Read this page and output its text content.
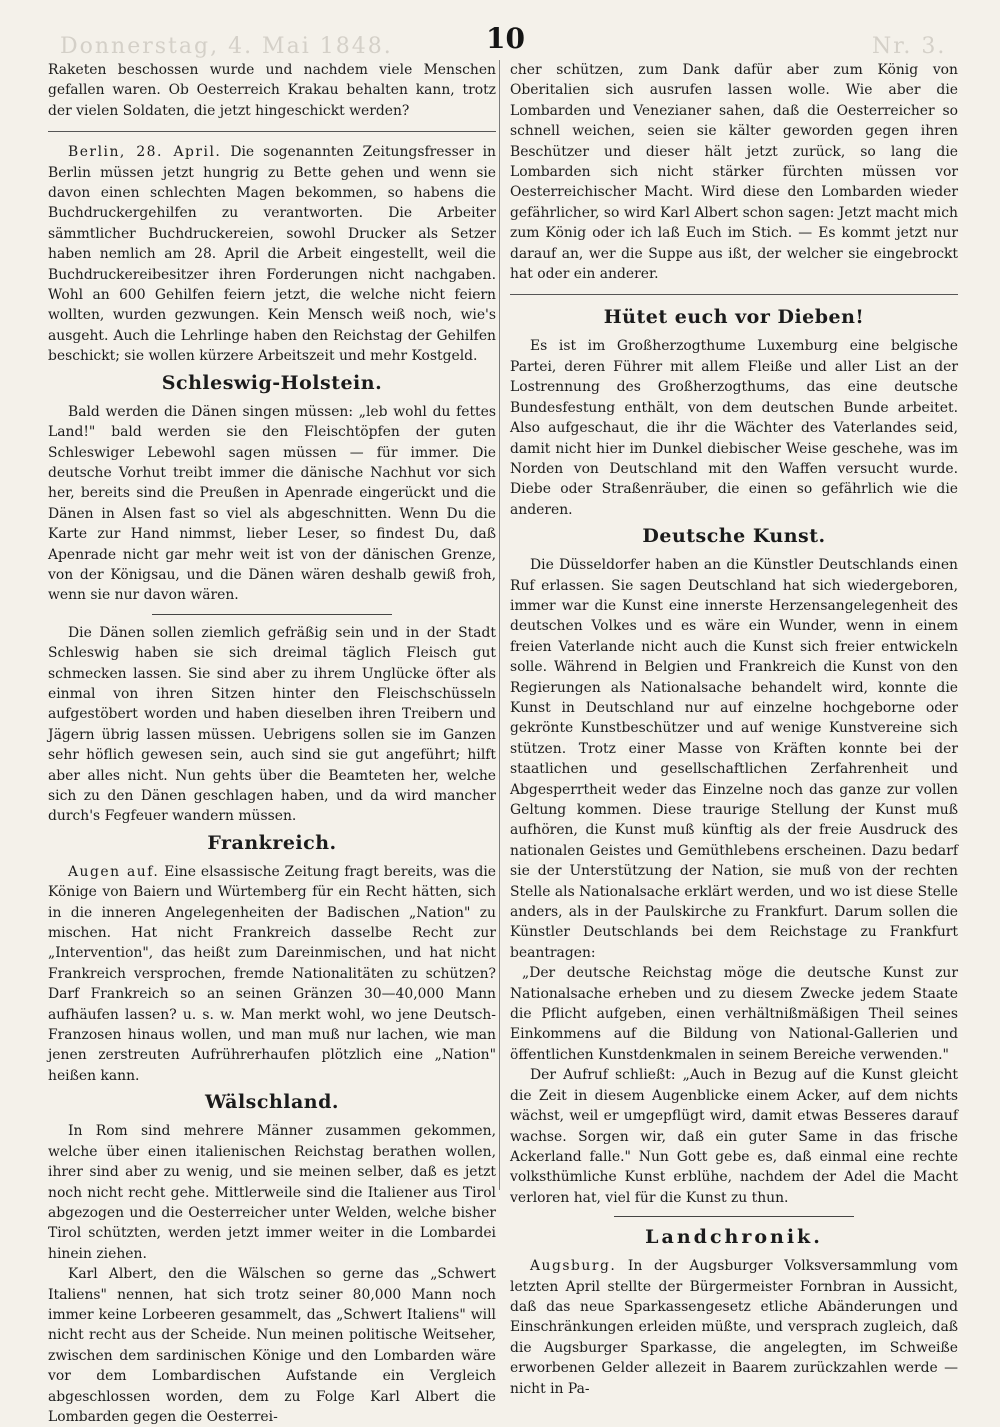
Donnerstag, 4. Mai 1848.	10	Nr. 3.

Raketen beschossen wurde und nachdem viele Menschen gefallen waren. Ob Oesterreich Krakau behalten kann, trotz der vielen Soldaten, die jetzt hingeschickt werden?

Berlin, 28. April. Die sogenannten Zeitungsfresser in Berlin müssen jetzt hungrig zu Bette gehen und wenn sie davon einen schlechten Magen bekommen, so habens die Buchdruckergehilfen zu verantworten. Die Arbeiter sämmtlicher Buchdruckereien, sowohl Drucker als Setzer haben nemlich am 28. April die Arbeit eingestellt, weil die Buchdruckereibesitzer ihren Forderungen nicht nachgaben. Wohl an 600 Gehilfen feiern jetzt, die welche nicht feiern wollten, wurden gezwungen. Kein Mensch weiß noch, wie's ausgeht. Auch die Lehrlinge haben den Reichstag der Gehilfen beschickt; sie wollen kürzere Arbeitszeit und mehr Kostgeld.

Schleswig-Holstein.

Bald werden die Dänen singen müssen: „leb wohl du fettes Land!" bald werden sie den Fleischtöpfen der guten Schleswiger Lebewohl sagen müssen — für immer. Die deutsche Vorhut treibt immer die dänische Nachhut vor sich her, bereits sind die Preußen in Apenrade eingerückt und die Dänen in Alsen fast so viel als abgeschnitten. Wenn Du die Karte zur Hand nimmst, lieber Leser, so findest Du, daß Apenrade nicht gar mehr weit ist von der dänischen Grenze, von der Königsau, und die Dänen wären deshalb gewiß froh, wenn sie nur davon wären.

Die Dänen sollen ziemlich gefräßig sein und in der Stadt Schleswig haben sie sich dreimal täglich Fleisch gut schmecken lassen. Sie sind aber zu ihrem Unglücke öfter als einmal von ihren Sitzen hinter den Fleischschüsseln aufgestöbert worden und haben dieselben ihren Treibern und Jägern übrig lassen müssen. Uebrigens sollen sie im Ganzen sehr höflich gewesen sein, auch sind sie gut angeführt; hilft aber alles nicht. Nun gehts über die Beamteten her, welche sich zu den Dänen geschlagen haben, und da wird mancher durch's Fegfeuer wandern müssen.

Frankreich.

Augen auf. Eine elsassische Zeitung fragt bereits, was die Könige von Baiern und Würtemberg für ein Recht hätten, sich in die inneren Angelegenheiten der Badischen „Nation" zu mischen. Hat nicht Frankreich dasselbe Recht zur „Intervention", das heißt zum Dareinmischen, und hat nicht Frankreich versprochen, fremde Nationalitäten zu schützen? Darf Frankreich so an seinen Gränzen 30—40,000 Mann aufhäufen lassen? u. s. w. Man merkt wohl, wo jene Deutsch-Franzosen hinaus wollen, und man muß nur lachen, wie man jenen zerstreuten Aufrührerhaufen plötzlich eine „Nation" heißen kann.

Wälschland.

In Rom sind mehrere Männer zusammen gekommen, welche über einen italienischen Reichstag berathen wollen, ihrer sind aber zu wenig, und sie meinen selber, daß es jetzt noch nicht recht gehe. Mittlerweile sind die Italiener aus Tirol abgezogen und die Oesterreicher unter Welden, welche bisher Tirol schützten, werden jetzt immer weiter in die Lombardei hinein ziehen.

Karl Albert, den die Wälschen so gerne das „Schwert Italiens" nennen, hat sich trotz seiner 80,000 Mann noch immer keine Lorbeeren gesammelt, das „Schwert Italiens" will nicht recht aus der Scheide. Nun meinen politische Weitseher, zwischen dem sardinischen Könige und den Lombarden wäre vor dem Lombardischen Aufstande ein Vergleich abgeschlossen worden, dem zu Folge Karl Albert die Lombarden gegen die Oesterrei-

cher schützen, zum Dank dafür aber zum König von Oberitalien sich ausrufen lassen wolle. Wie aber die Lombarden und Venezianer sahen, daß die Oesterreicher so schnell weichen, seien sie kälter geworden gegen ihren Beschützer und dieser hält jetzt zurück, so lang die Lombarden sich nicht stärker fürchten müssen vor Oesterreichischer Macht. Wird diese den Lombarden wieder gefährlicher, so wird Karl Albert schon sagen: Jetzt macht mich zum König oder ich laß Euch im Stich. — Es kommt jetzt nur darauf an, wer die Suppe aus ißt, der welcher sie eingebrockt hat oder ein anderer.

Hütet euch vor Dieben!

Es ist im Großherzogthume Luxemburg eine belgische Partei, deren Führer mit allem Fleiße und aller List an der Lostrennung des Großherzogthums, das eine deutsche Bundesfestung enthält, von dem deutschen Bunde arbeitet. Also aufgeschaut, die ihr die Wächter des Vaterlandes seid, damit nicht hier im Dunkel diebischer Weise geschehe, was im Norden von Deutschland mit den Waffen versucht wurde. Diebe oder Straßenräuber, die einen so gefährlich wie die anderen.

Deutsche Kunst.

Die Düsseldorfer haben an die Künstler Deutschlands einen Ruf erlassen. Sie sagen Deutschland hat sich wiedergeboren, immer war die Kunst eine innerste Herzensangelegenheit des deutschen Volkes und es wäre ein Wunder, wenn in einem freien Vaterlande nicht auch die Kunst sich freier entwickeln solle. Während in Belgien und Frankreich die Kunst von den Regierungen als Nationalsache behandelt wird, konnte die Kunst in Deutschland nur auf einzelne hochgeborne oder gekrönte Kunstbeschützer und auf wenige Kunstvereine sich stützen. Trotz einer Masse von Kräften konnte bei der staatlichen und gesellschaftlichen Zerfahrenheit und Abgesperrtheit weder das Einzelne noch das ganze zur vollen Geltung kommen. Diese traurige Stellung der Kunst muß aufhören, die Kunst muß künftig als der freie Ausdruck des nationalen Geistes und Gemüthlebens erscheinen. Dazu bedarf sie der Unterstützung der Nation, sie muß von der rechten Stelle als Nationalsache erklärt werden, und wo ist diese Stelle anders, als in der Paulskirche zu Frankfurt. Darum sollen die Künstler Deutschlands bei dem Reichstage zu Frankfurt beantragen:

„Der deutsche Reichstag möge die deutsche Kunst zur Nationalsache erheben und zu diesem Zwecke jedem Staate die Pflicht aufgeben, einen verhältnißmäßigen Theil seines Einkommens auf die Bildung von National-Gallerien und öffentlichen Kunstdenkmalen in seinem Bereiche verwenden."

Der Aufruf schließt: „Auch in Bezug auf die Kunst gleicht die Zeit in diesem Augenblicke einem Acker, auf dem nichts wächst, weil er umgepflügt wird, damit etwas Besseres darauf wachse. Sorgen wir, daß ein guter Same in das frische Ackerland falle." Nun Gott gebe es, daß einmal eine rechte volksthümliche Kunst erblühe, nachdem der Adel die Macht verloren hat, viel für die Kunst zu thun.

Landchronik.

Augsburg. In der Augsburger Volksversammlung vom letzten April stellte der Bürgermeister Fornbran in Aussicht, daß das neue Sparkassengesetz etliche Abänderungen und Einschränkungen erleiden müßte, und versprach zugleich, daß die Augsburger Sparkasse, die angelegten, im Schweiße erworbenen Gelder allezeit in Baarem zurückzahlen werde — nicht in Pa-
